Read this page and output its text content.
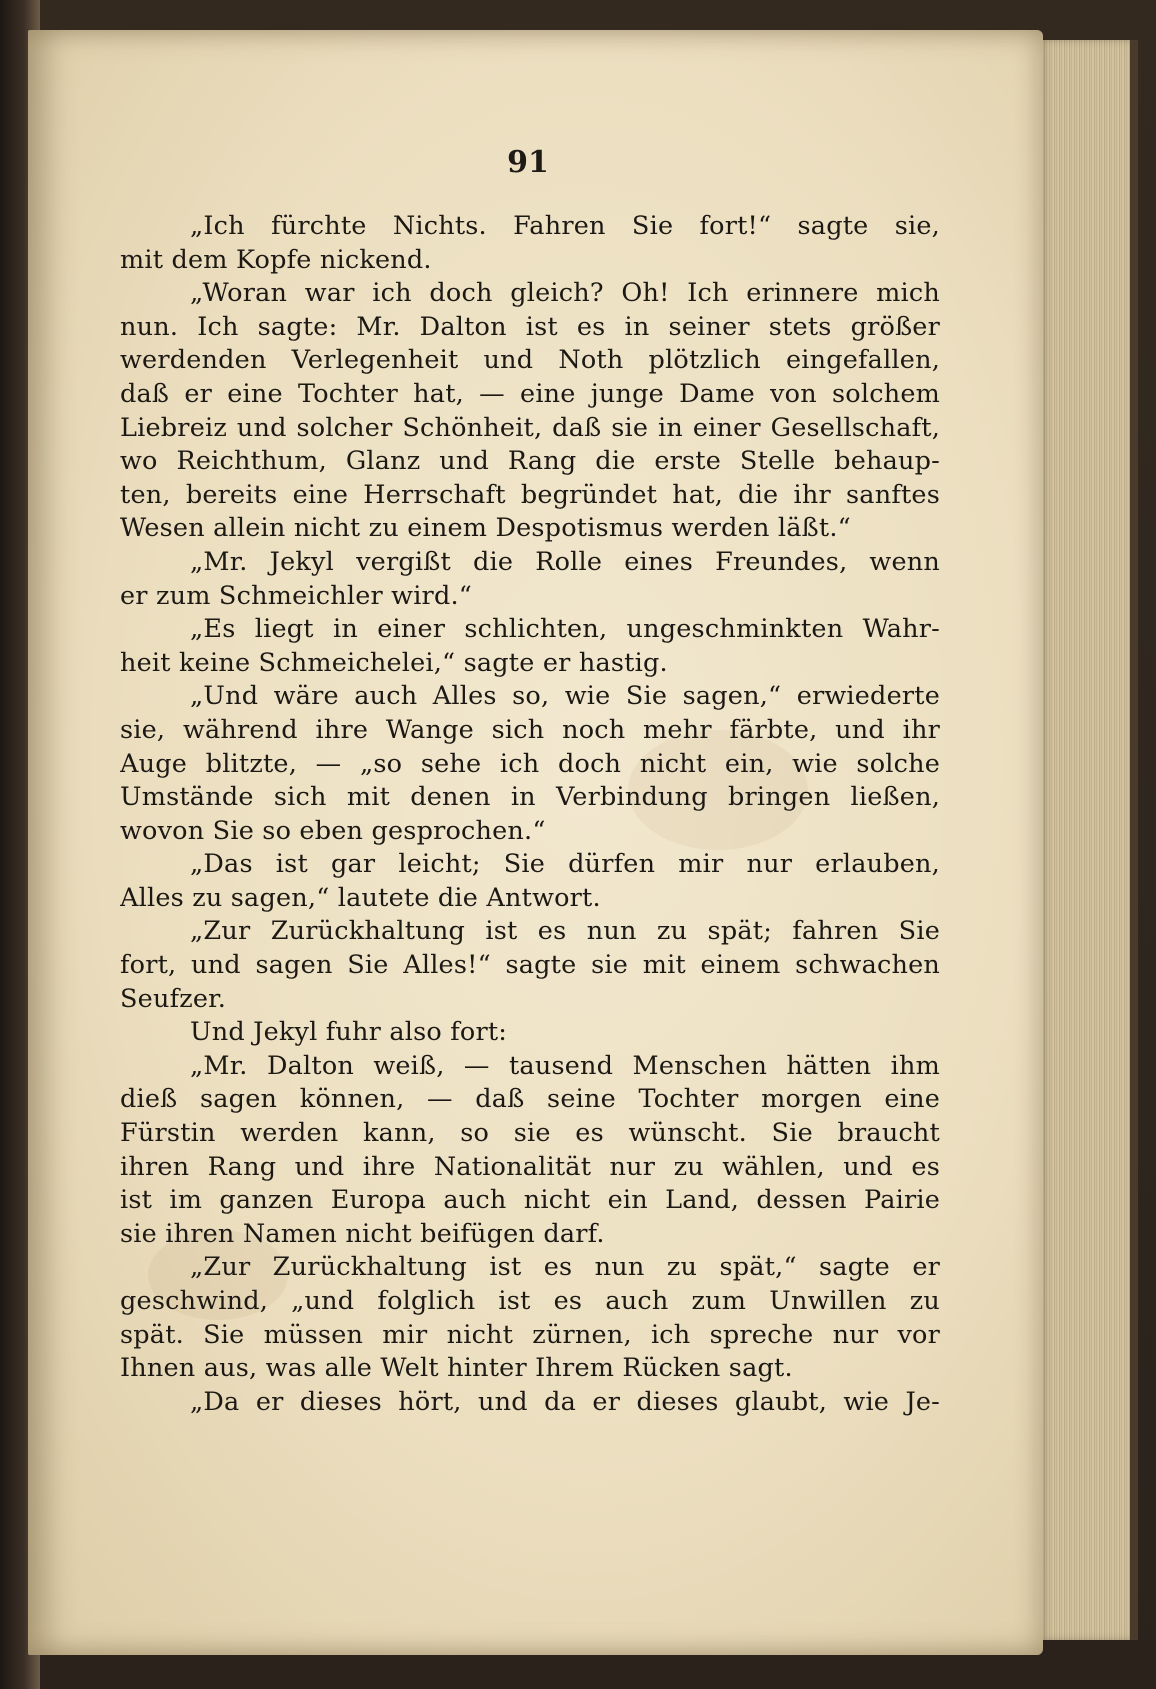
91
„Ich fürchte Nichts. Fahren Sie fort!“ sagte sie,
mit dem Kopfe nickend.
„Woran war ich doch gleich? Oh! Ich erinnere mich
nun. Ich sagte: Mr. Dalton ist es in seiner stets größer
werdenden Verlegenheit und Noth plötzlich eingefallen,
daß er eine Tochter hat, — eine junge Dame von solchem
Liebreiz und solcher Schönheit, daß sie in einer Gesellschaft,
wo Reichthum, Glanz und Rang die erste Stelle behaup-
ten, bereits eine Herrschaft begründet hat, die ihr sanftes
Wesen allein nicht zu einem Despotismus werden läßt.“
„Mr. Jekyl vergißt die Rolle eines Freundes, wenn
er zum Schmeichler wird.“
„Es liegt in einer schlichten, ungeschminkten Wahr-
heit keine Schmeichelei,“ sagte er hastig.
„Und wäre auch Alles so, wie Sie sagen,“ erwiederte
sie, während ihre Wange sich noch mehr färbte, und ihr
Auge blitzte, — „so sehe ich doch nicht ein, wie solche
Umstände sich mit denen in Verbindung bringen ließen,
wovon Sie so eben gesprochen.“
„Das ist gar leicht; Sie dürfen mir nur erlauben,
Alles zu sagen,“ lautete die Antwort.
„Zur Zurückhaltung ist es nun zu spät; fahren Sie
fort, und sagen Sie Alles!“ sagte sie mit einem schwachen
Seufzer.
Und Jekyl fuhr also fort:
„Mr. Dalton weiß, — tausend Menschen hätten ihm
dieß sagen können, — daß seine Tochter morgen eine
Fürstin werden kann, so sie es wünscht. Sie braucht
ihren Rang und ihre Nationalität nur zu wählen, und es
ist im ganzen Europa auch nicht ein Land, dessen Pairie
sie ihren Namen nicht beifügen darf.
„Zur Zurückhaltung ist es nun zu spät,“ sagte er
geschwind, „und folglich ist es auch zum Unwillen zu
spät. Sie müssen mir nicht zürnen, ich spreche nur vor
Ihnen aus, was alle Welt hinter Ihrem Rücken sagt.
„Da er dieses hört, und da er dieses glaubt, wie Je-
